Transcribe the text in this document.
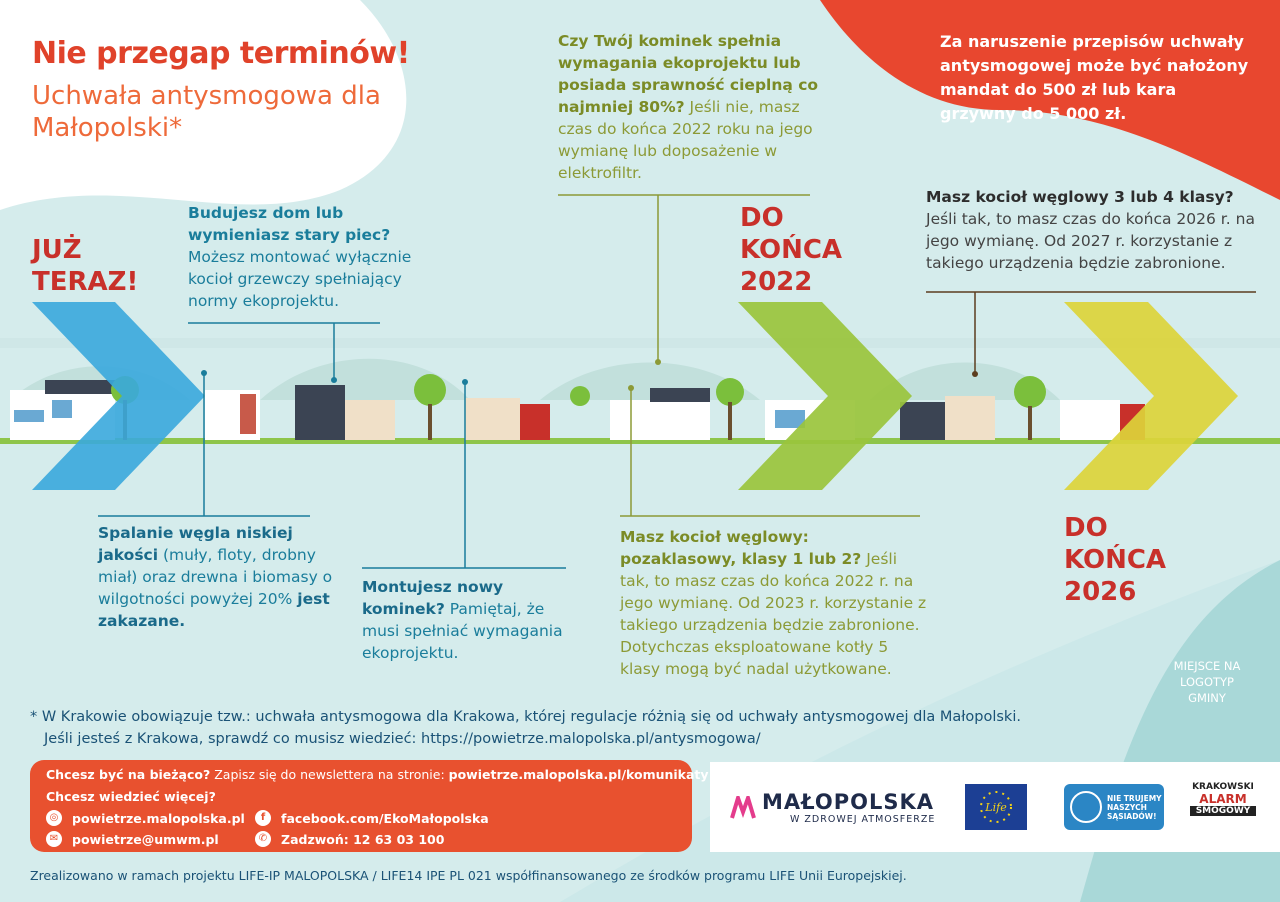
Nie przegap terminów!
Uchwała antysmogowa dla Małopolski*
JUŻ
TERAZ!
DO
KOŃCA
2022
DO
KOŃCA
2026
Budujesz dom lub wymieniasz stary piec? Możesz montować wyłącznie kocioł grzewczy spełniający normy ekoprojektu.
Spalanie węgla niskiej jakości (muły, floty, drobny miał) oraz drewna i biomasy o wilgotności powyżej 20% jest zakazane.
Montujesz nowy kominek? Pamiętaj, że musi spełniać wymagania ekoprojektu.
Czy Twój kominek spełnia wymagania ekoprojektu lub posiada sprawność cieplną co najmniej 80%? Jeśli nie, masz czas do końca 2022 roku na jego wymianę lub doposażenie w elektrofiltr.
Masz kocioł węglowy: pozaklasowy, klasy 1 lub 2? Jeśli tak, to masz czas do końca 2022 r. na jego wymianę. Od 2023 r. korzystanie z takiego urządzenia będzie zabronione. Dotychczas eksploatowane kotły 5 klasy mogą być nadal użytkowane.
Masz kocioł węglowy 3 lub 4 klasy? Jeśli tak, to masz czas do końca 2026 r. na jego wymianę. Od 2027 r. korzystanie z takiego urządzenia będzie zabronione.
Za naruszenie przepisów uchwały antysmogowej może być nałożony mandat do 500 zł lub kara grzywny do 5 000 zł.
MIEJSCE NA LOGOTYP GMINY
* W Krakowie obowiązuje tzw.: uchwała antysmogowa dla Krakowa, której regulacje różnią się od uchwały antysmogowej dla Małopolski.
Jeśli jesteś z Krakowa, sprawdź co musisz wiedzieć: https://powietrze.malopolska.pl/antysmogowa/
Chcesz być na bieżąco? Zapisz się do newslettera na stronie: powietrze.malopolska.pl/komunikaty
Chcesz wiedzieć więcej?
◎ powietrze.malopolska.pl
✉	powietrze@umwm.pl
f	facebook.com/EkoMałopolska
✆	Zadzwoń: 12 63 03 100
MAŁOPOLSKA
W ZDROWEJ ATMOSFERZE
Life
NIE TRUJEMY NASZYCH SĄSIADÓW!
KRAKOWSKI
ALARM
SMOGOWY
Zrealizowano w ramach projektu LIFE-IP MALOPOLSKA / LIFE14 IPE PL 021 współfinansowanego ze środków programu LIFE Unii Europejskiej.
